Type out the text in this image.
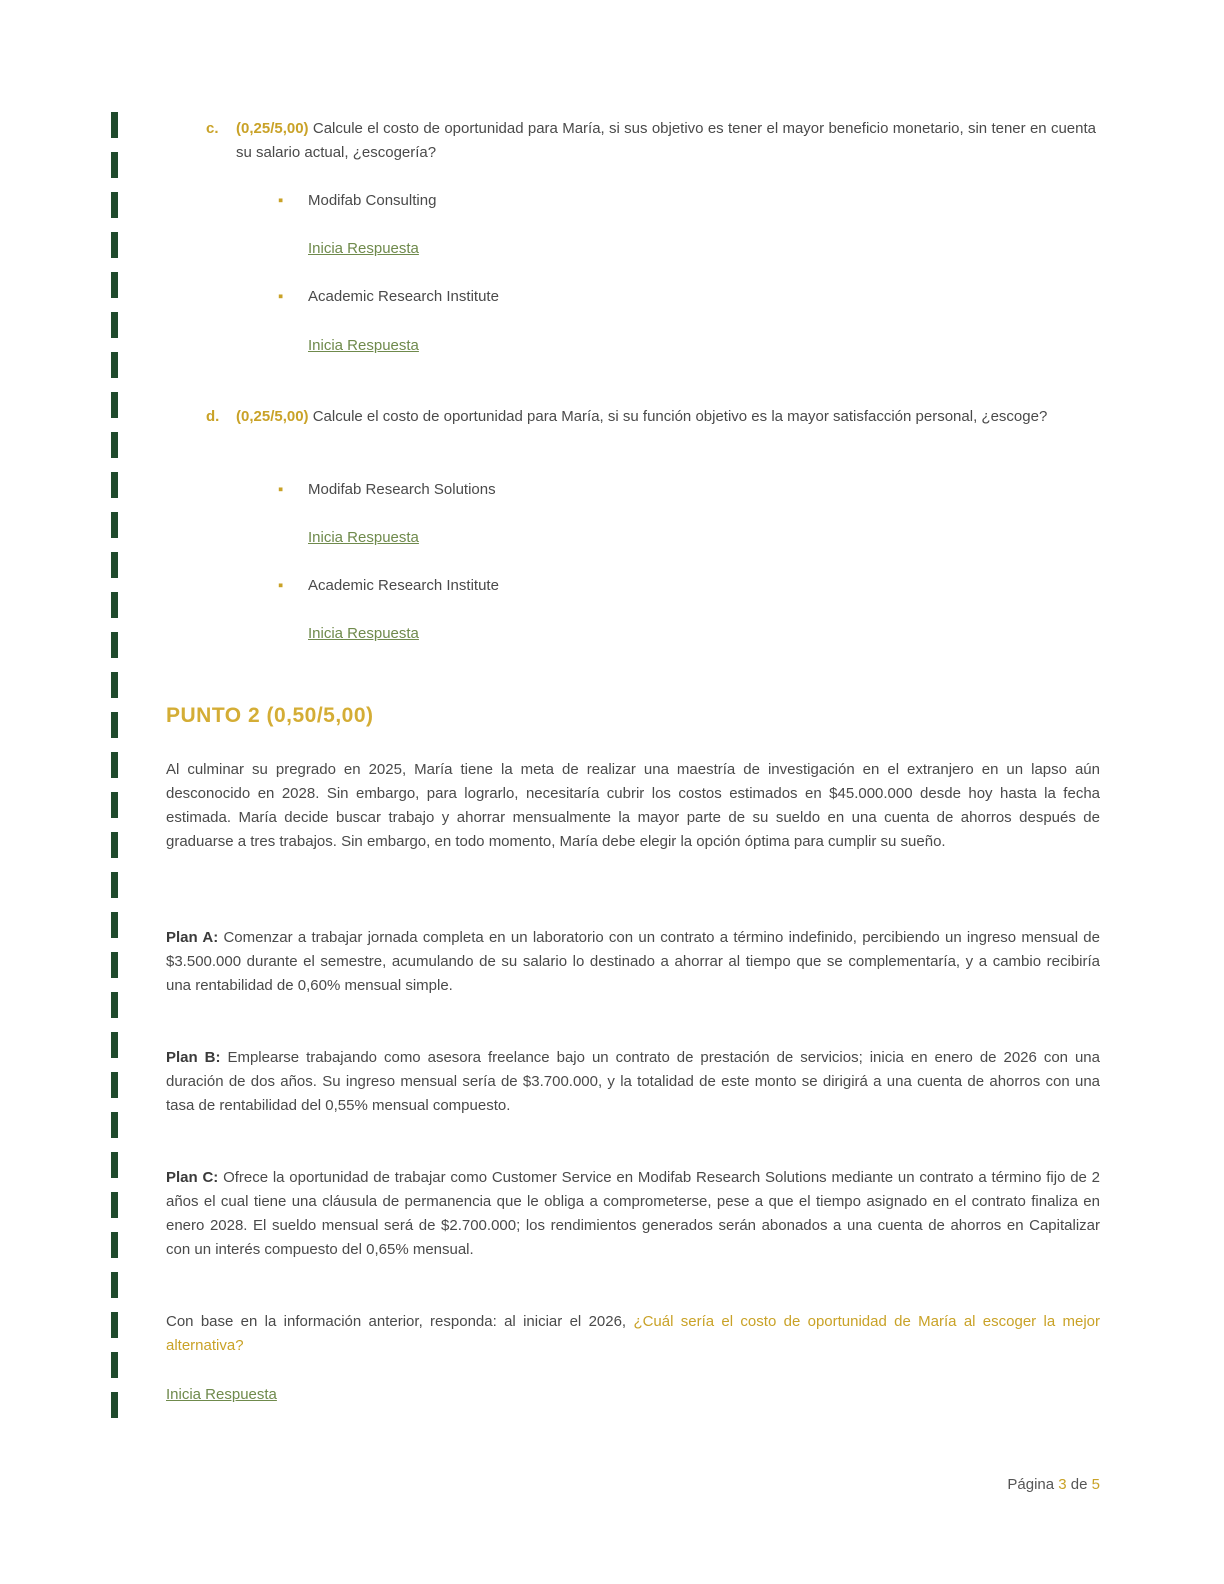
c. (0,25/5,00) Calcule el costo de oportunidad para María, si sus objetivo es tener el mayor beneficio monetario, sin tener en cuenta su salario actual, ¿escogería?
▪ Modifab Consulting
Inicia Respuesta
▪ Academic Research Institute
Inicia Respuesta
d. (0,25/5,00) Calcule el costo de oportunidad para María, si su función objetivo es la mayor satisfacción personal, ¿escoge?
▪ Modifab Research Solutions
Inicia Respuesta
▪ Academic Research Institute
Inicia Respuesta
PUNTO 2 (0,50/5,00)
Al culminar su pregrado en 2025, María tiene la meta de realizar una maestría de investigación en el extranjero en un lapso aún desconocido en 2028. Sin embargo, para lograrlo, necesitaría cubrir los costos estimados en $45.000.000 desde hoy hasta la fecha estimada. María decide buscar trabajo y ahorrar mensualmente la mayor parte de su sueldo en una cuenta de ahorros después de graduarse a tres trabajos. Sin embargo, en todo momento, María debe elegir la opción óptima para cumplir su sueño.
Plan A: Comenzar a trabajar jornada completa en un laboratorio con un contrato a término indefinido, percibiendo un ingreso mensual de $3.500.000 durante el semestre, acumulando de su salario lo destinado a ahorrar al tiempo que se complementaría, y a cambio recibiría una rentabilidad de 0,60% mensual simple.
Plan B: Emplearse trabajando como asesora freelance bajo un contrato de prestación de servicios; inicia en enero de 2026 con una duración de dos años. Su ingreso mensual sería de $3.700.000, y la totalidad de este monto se dirigirá a una cuenta de ahorros con una tasa de rentabilidad del 0,55% mensual compuesto.
Plan C: Ofrece la oportunidad de trabajar como Customer Service en Modifab Research Solutions mediante un contrato a término fijo de 2 años el cual tiene una cláusula de permanencia que le obliga a comprometerse, pese a que el tiempo asignado en el contrato finaliza en enero 2028. El sueldo mensual será de $2.700.000; los rendimientos generados serán abonados a una cuenta de ahorros en Capitalizar con un interés compuesto del 0,65% mensual.
Con base en la información anterior, responda: al iniciar el 2026, ¿Cuál sería el costo de oportunidad de María al escoger la mejor alternativa?
Inicia Respuesta
Página 3 de 5
